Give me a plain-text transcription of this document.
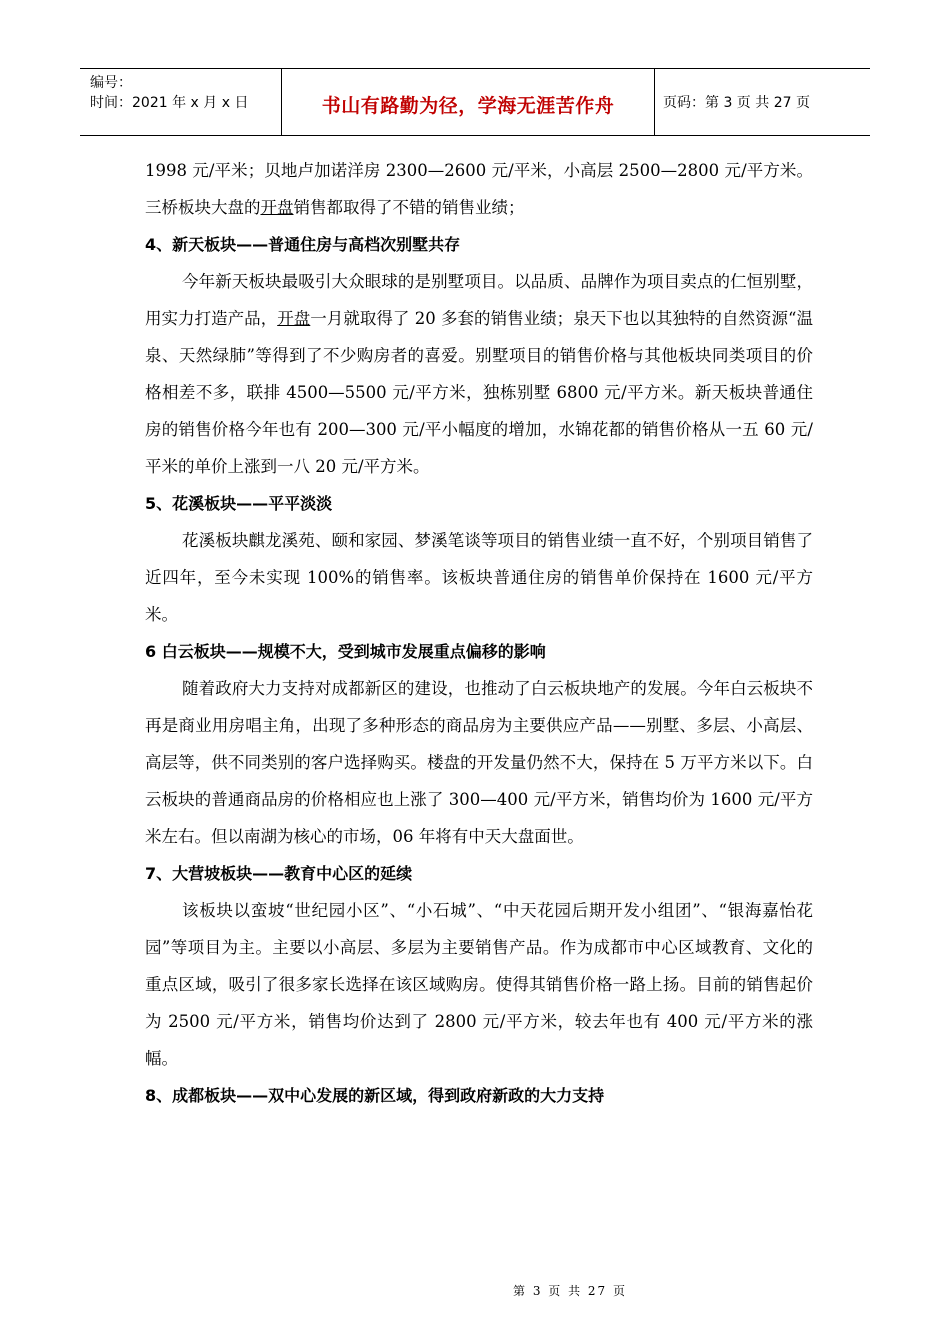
编号：
时间：2021 年 x 月 x 日	书山有路勤为径，学海无涯苦作舟	页码：第 3 页 共 27 页

1998 元/平米；贝地卢加诺洋房 2300—2600 元/平米，小高层 2500—2800 元/平方米。三桥板块大盘的开盘销售都取得了不错的销售业绩；

4、新天板块——普通住房与高档次别墅共存

今年新天板块最吸引大众眼球的是别墅项目。以品质、品牌作为项目卖点的仁恒别墅，用实力打造产品，开盘一月就取得了 20 多套的销售业绩；泉天下也以其独特的自然资源“温泉、天然绿肺”等得到了不少购房者的喜爱。别墅项目的销售价格与其他板块同类项目的价格相差不多，联排 4500—5500 元/平方米，独栋别墅 6800 元/平方米。新天板块普通住房的销售价格今年也有 200—300 元/平小幅度的增加，水锦花都的销售价格从一五 60 元/平米的单价上涨到一八 20 元/平方米。

5、花溪板块——平平淡淡

花溪板块麒龙溪苑、颐和家园、梦溪笔谈等项目的销售业绩一直不好，个别项目销售了近四年，至今未实现 100%的销售率。该板块普通住房的销售单价保持在 1600 元/平方米。

6 白云板块——规模不大，受到城市发展重点偏移的影响

随着政府大力支持对成都新区的建设，也推动了白云板块地产的发展。今年白云板块不再是商业用房唱主角，出现了多种形态的商品房为主要供应产品——别墅、多层、小高层、高层等，供不同类别的客户选择购买。楼盘的开发量仍然不大，保持在 5 万平方米以下。白云板块的普通商品房的价格相应也上涨了 300—400 元/平方米，销售均价为 1600 元/平方米左右。但以南湖为核心的市场，06 年将有中天大盘面世。

7、大营坡板块——教育中心区的延续

该板块以蛮坡“世纪园小区”、“小石城”、“中天花园后期开发小组团”、“银海嘉怡花园”等项目为主。主要以小高层、多层为主要销售产品。作为成都市中心区域教育、文化的重点区域，吸引了很多家长选择在该区域购房。使得其销售价格一路上扬。目前的销售起价为 2500 元/平方米，销售均价达到了 2800 元/平方米，较去年也有 400 元/平方米的涨幅。

8、成都板块——双中心发展的新区域，得到政府新政的大力支持

第 3 页 共 27 页
